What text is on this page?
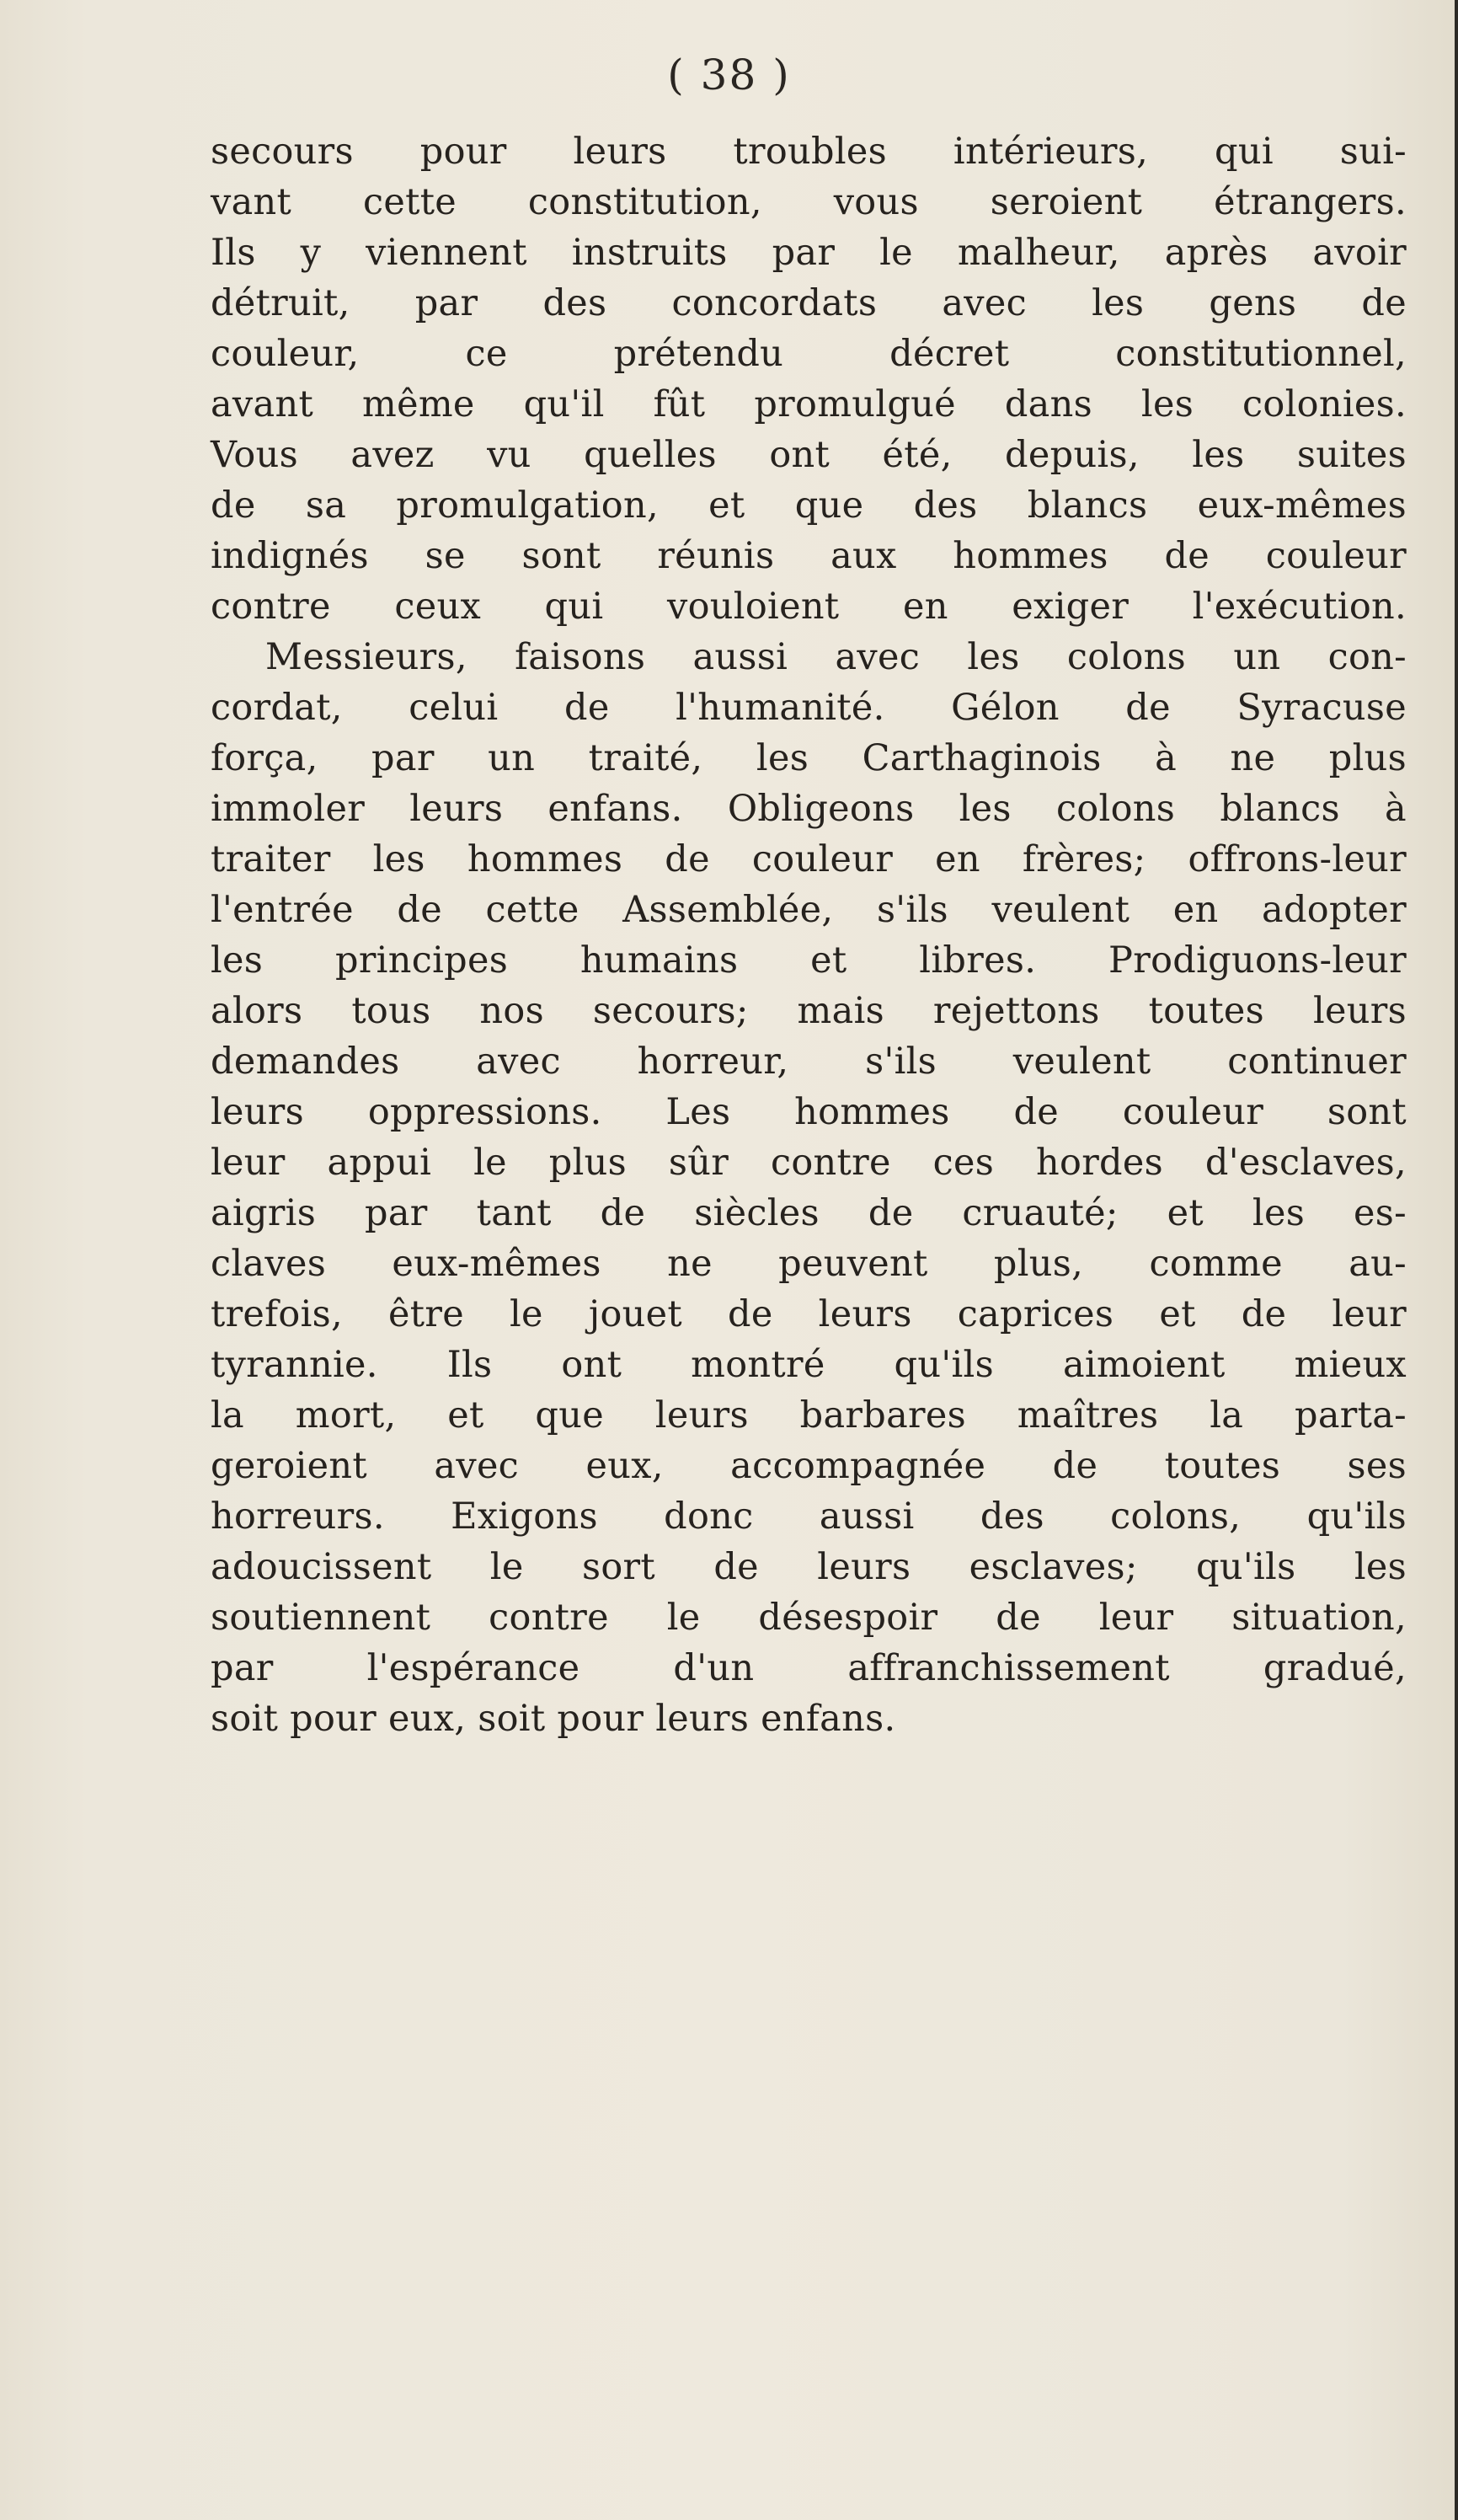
( 38 )
secours pour leurs troubles intérieurs, qui sui-
vant cette constitution, vous seroient étrangers.
Ils y viennent instruits par le malheur, après avoir
détruit, par des concordats avec les gens de
couleur, ce prétendu décret constitutionnel,
avant même qu'il fût promulgué dans les colonies.
Vous avez vu quelles ont été, depuis, les suites
de sa promulgation, et que des blancs eux-mêmes
indignés se sont réunis aux hommes de couleur
contre ceux qui vouloient en exiger l'exécution.
Messieurs, faisons aussi avec les colons un con-
cordat, celui de l'humanité. Gélon de Syracuse
força, par un traité, les Carthaginois à ne plus
immoler leurs enfans. Obligeons les colons blancs à
traiter les hommes de couleur en frères; offrons-leur
l'entrée de cette Assemblée, s'ils veulent en adopter
les principes humains et libres. Prodiguons-leur
alors tous nos secours; mais rejettons toutes leurs
demandes avec horreur, s'ils veulent continuer
leurs oppressions. Les hommes de couleur sont
leur appui le plus sûr contre ces hordes d'esclaves,
aigris par tant de siècles de cruauté; et les es-
claves eux-mêmes ne peuvent plus, comme au-
trefois, être le jouet de leurs caprices et de leur
tyrannie. Ils ont montré qu'ils aimoient mieux
la mort, et que leurs barbares maîtres la parta-
geroient avec eux, accompagnée de toutes ses
horreurs. Exigons donc aussi des colons, qu'ils
adoucissent le sort de leurs esclaves; qu'ils les
soutiennent contre le désespoir de leur situation,
par l'espérance d'un affranchissement gradué,
soit pour eux, soit pour leurs enfans.
